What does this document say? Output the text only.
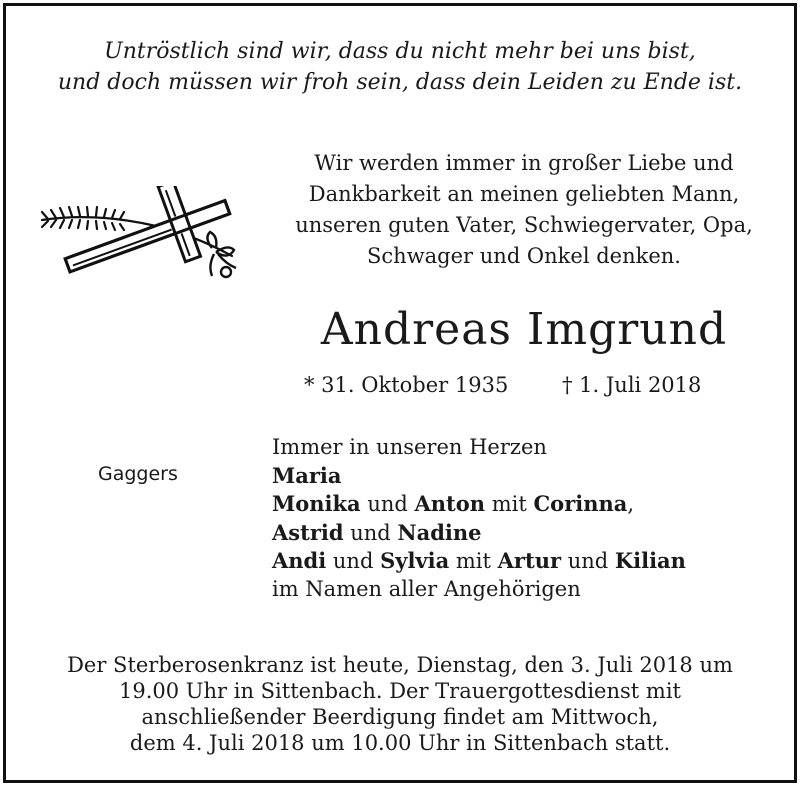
Untröstlich sind wir, dass du nicht mehr bei uns bist,
und doch müssen wir froh sein, dass dein Leiden zu Ende ist.
Wir werden immer in großer Liebe und
Dankbarkeit an meinen geliebten Mann,
unseren guten Vater, Schwiegervater, Opa,
Schwager und Onkel denken.
Andreas Imgrund
* 31. Oktober 1935	† 1. Juli 2018
Gaggers
Immer in unseren Herzen
Maria
Monika und Anton mit Corinna,
Astrid und Nadine
Andi und Sylvia mit Artur und Kilian
im Namen aller Angehörigen
Der Sterberosenkranz ist heute, Dienstag, den 3. Juli 2018 um
19.00 Uhr in Sittenbach. Der Trauergottesdienst mit
anschließender Beerdigung findet am Mittwoch,
dem 4. Juli 2018 um 10.00 Uhr in Sittenbach statt.
